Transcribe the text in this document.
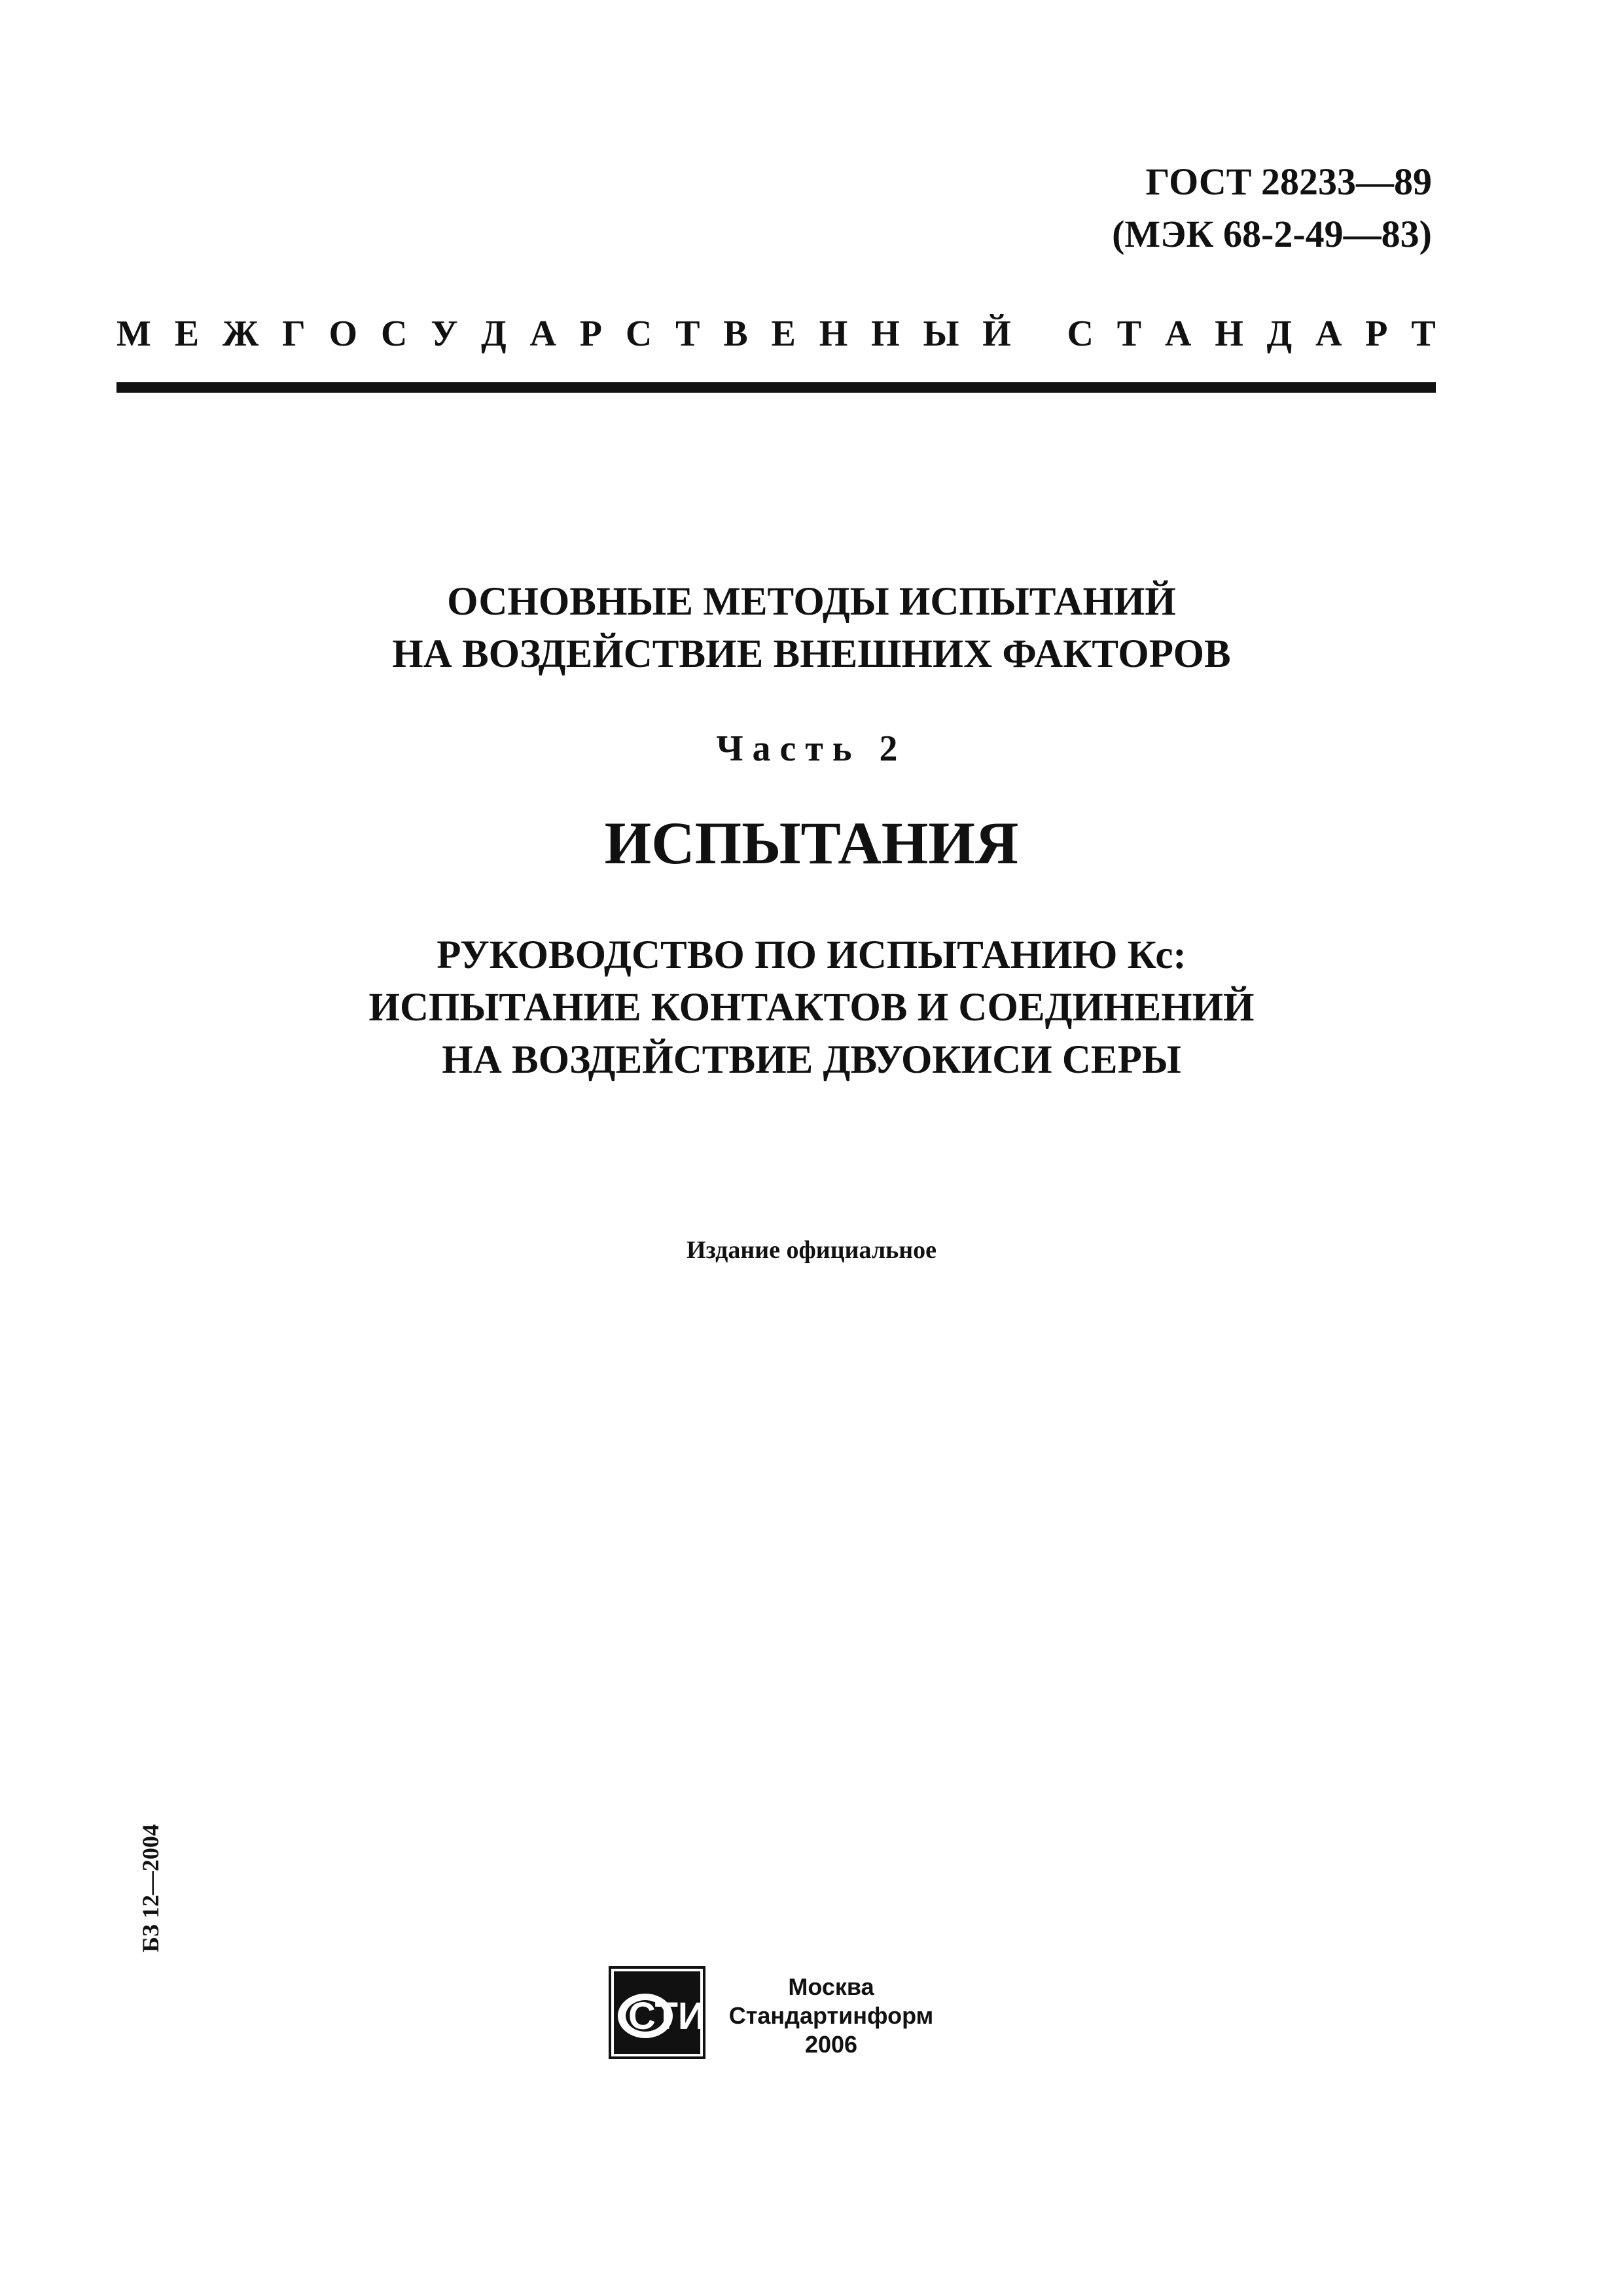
ГОСТ 28233—89
(МЭК 68-2-49—83)
М Е Ж Г О С У Д А Р С Т В Е Н Н Ы Й
С Т А Н Д А Р Т
ОСНОВНЫЕ МЕТОДЫ ИСПЫТАНИЙ
НА ВОЗДЕЙСТВИЕ ВНЕШНИХ ФАКТОРОВ
Часть 2
ИСПЫТАНИЯ
РУКОВОДСТВО ПО ИСПЫТАНИЮ Кс:
ИСПЫТАНИЕ КОНТАКТОВ И СОЕДИНЕНИЙ
НА ВОЗДЕЙСТВИЕ ДВУОКИСИ СЕРЫ
Издание официальное
БЗ 12—2004
СТИ
Москва
Стандартинформ
2006
